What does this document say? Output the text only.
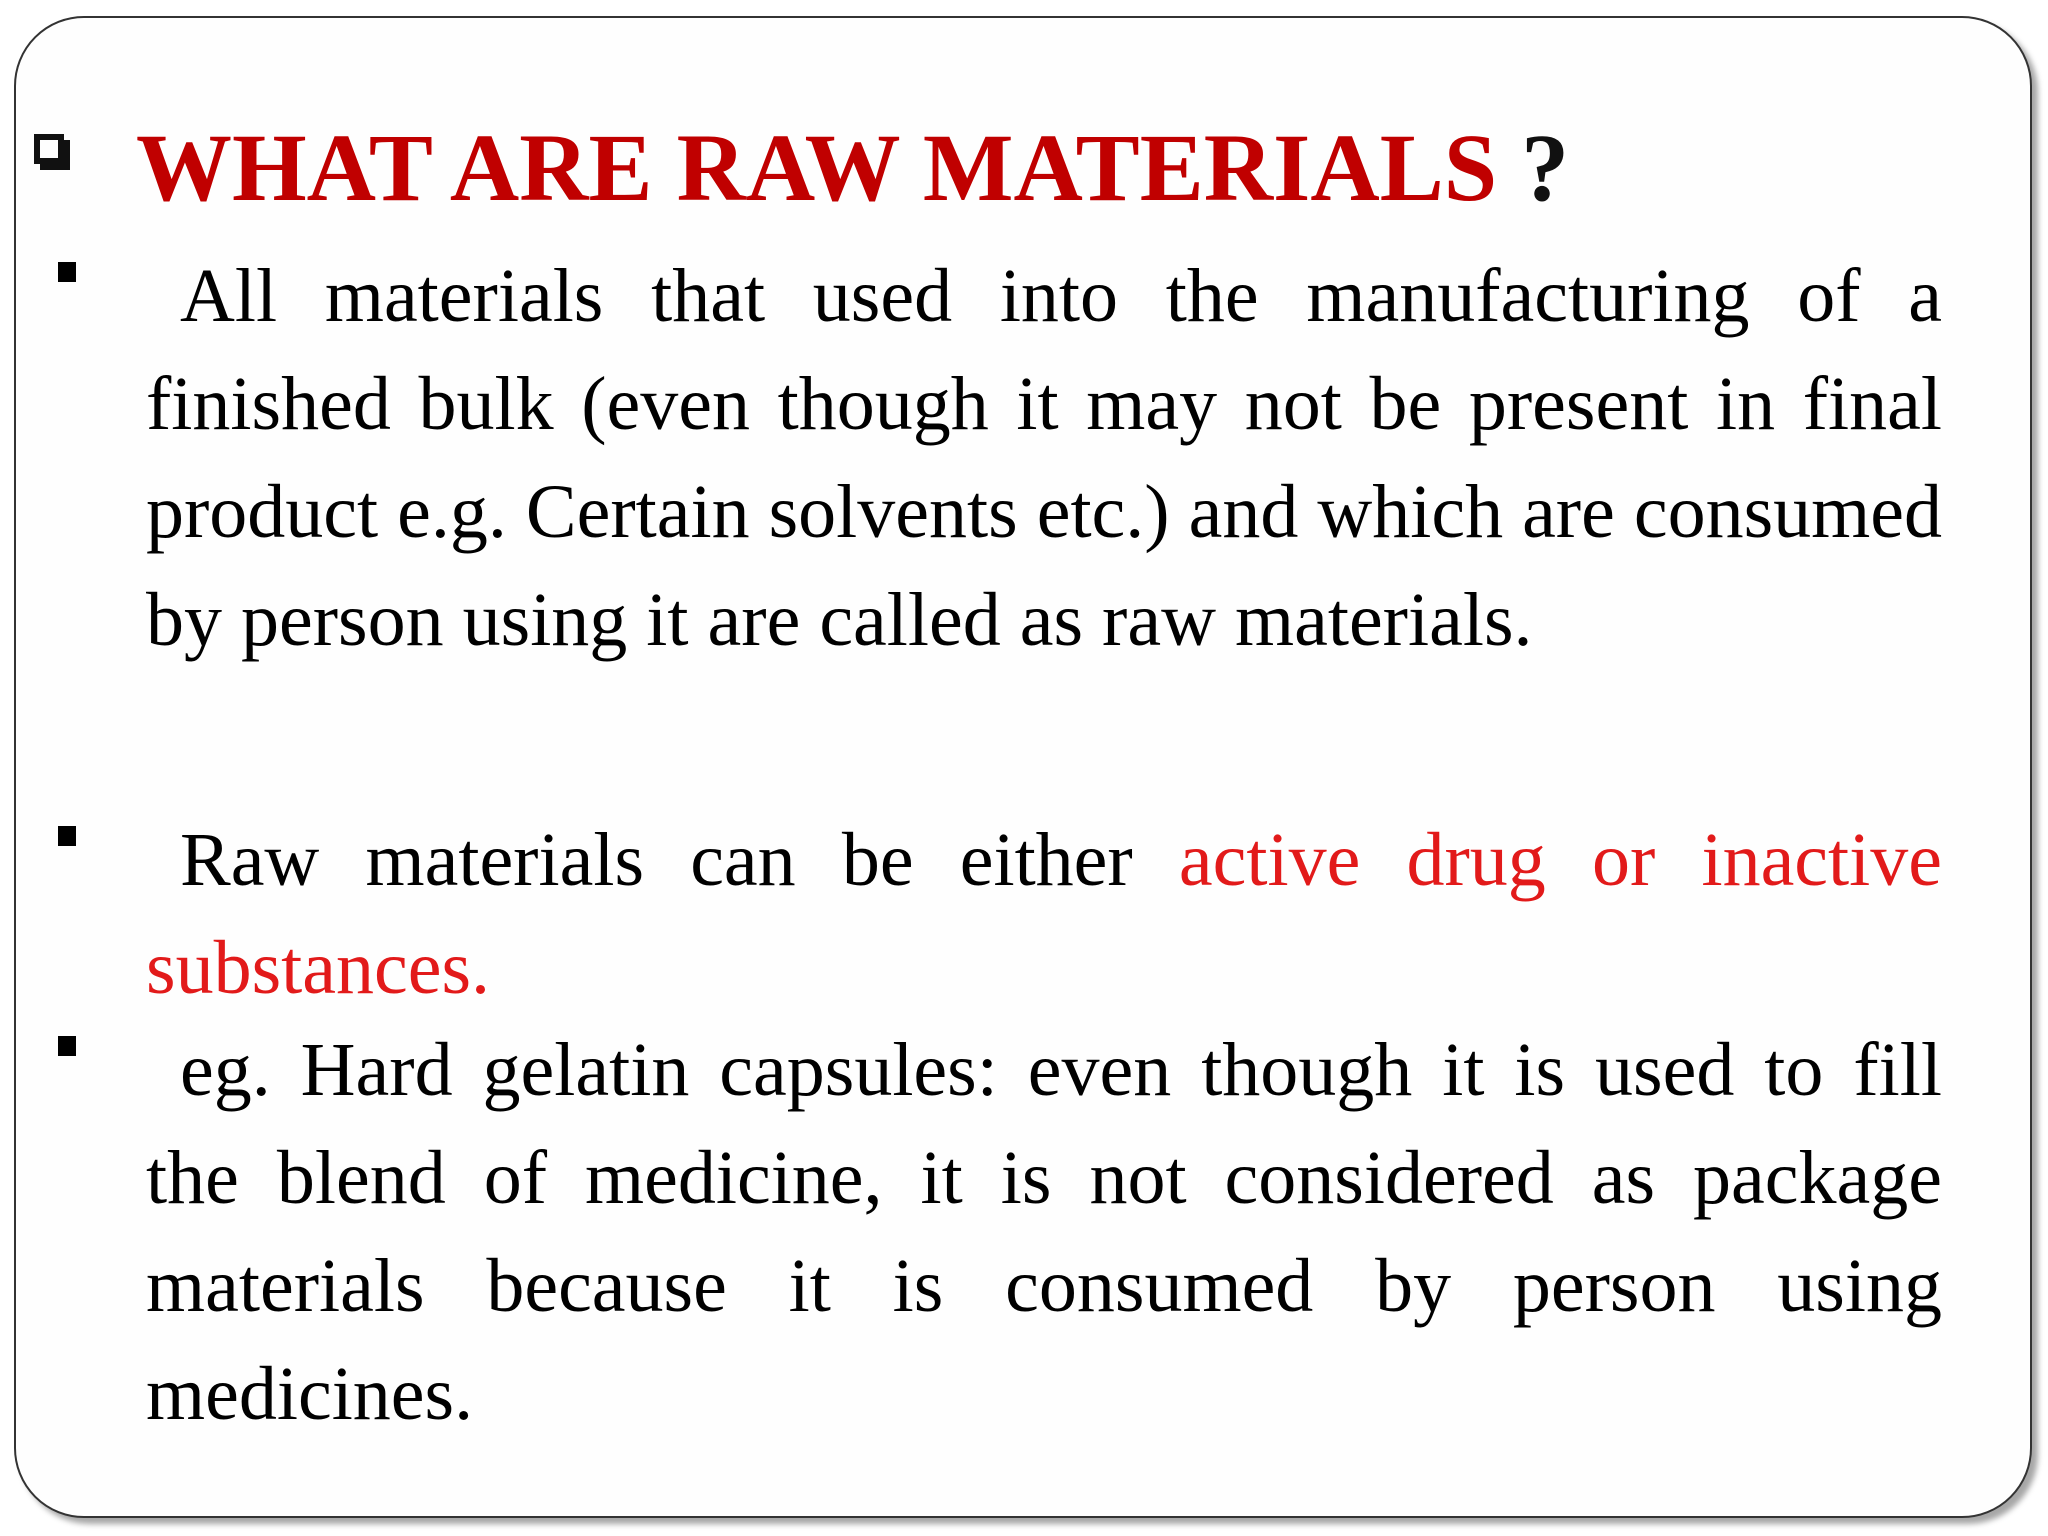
WHAT ARE RAW MATERIALS ?
All materials that used into the manufacturing of a finished bulk (even though it may not be present in final product e.g. Certain solvents etc.) and which are consumed by person using it are called as raw materials.
Raw materials can be either active drug or inactive substances.
eg. Hard gelatin capsules: even though it is used to fill the blend of medicine, it is not considered as package materials because it is consumed by person using medicines.
